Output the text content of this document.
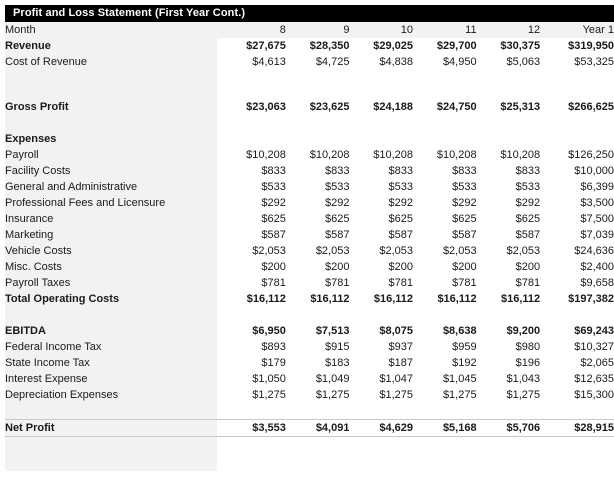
Profit and Loss Statement (First Year Cont.)
Month	8	9	10	11	12	Year 1
Revenue	$27,675	$28,350	$29,025	$29,700	$30,375	$319,950
Cost of Revenue	$4,613	$4,725	$4,838	$4,950	$5,063	$53,325

Gross Profit	$23,063	$23,625	$24,188	$24,750	$25,313	$266,625

Expenses						
Payroll	$10,208	$10,208	$10,208	$10,208	$10,208	$126,250
Facility Costs	$833	$833	$833	$833	$833	$10,000
General and Administrative	$533	$533	$533	$533	$533	$6,399
Professional Fees and Licensure	$292	$292	$292	$292	$292	$3,500
Insurance	$625	$625	$625	$625	$625	$7,500
Marketing	$587	$587	$587	$587	$587	$7,039
Vehicle Costs	$2,053	$2,053	$2,053	$2,053	$2,053	$24,636
Misc. Costs	$200	$200	$200	$200	$200	$2,400
Payroll Taxes	$781	$781	$781	$781	$781	$9,658
Total Operating Costs	$16,112	$16,112	$16,112	$16,112	$16,112	$197,382

EBITDA	$6,950	$7,513	$8,075	$8,638	$9,200	$69,243
Federal Income Tax	$893	$915	$937	$959	$980	$10,327
State Income Tax	$179	$183	$187	$192	$196	$2,065
Interest Expense	$1,050	$1,049	$1,047	$1,045	$1,043	$12,635
Depreciation Expenses	$1,275	$1,275	$1,275	$1,275	$1,275	$15,300

Net Profit	$3,553	$4,091	$4,629	$5,168	$5,706	$28,915
